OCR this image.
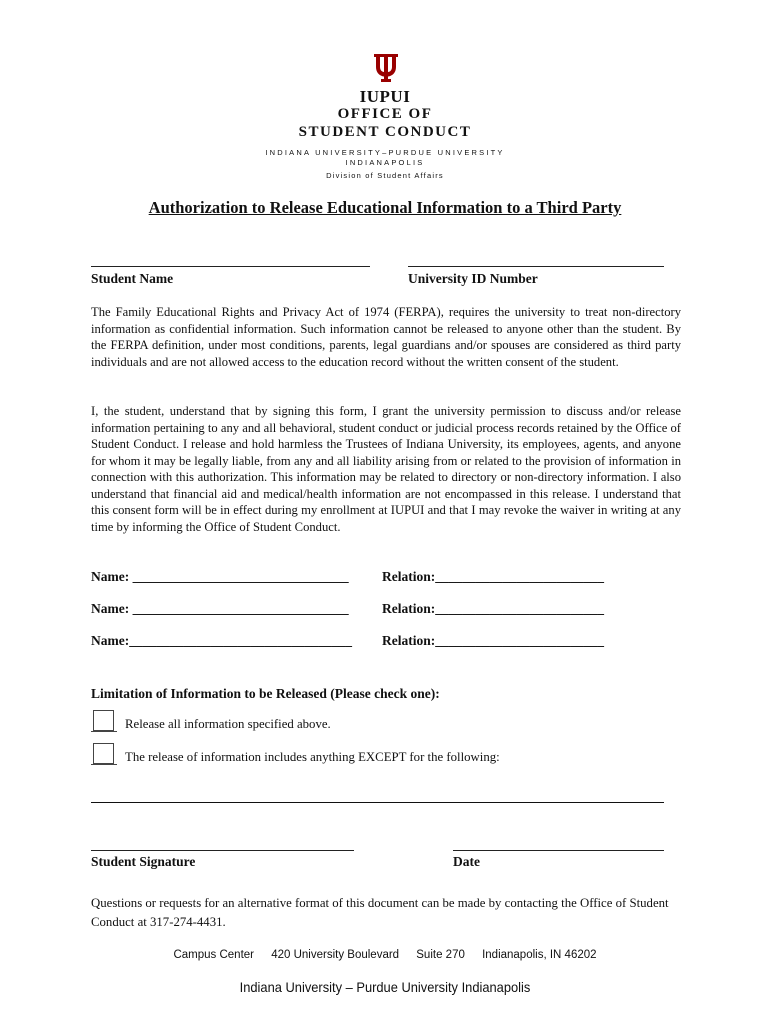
IUPUI
OFFICE OF
STUDENT CONDUCT
INDIANA UNIVERSITY–PURDUE UNIVERSITY
INDIANAPOLIS
Division of Student Affairs
Authorization to Release Educational Information to a Third Party
Student Name	University ID Number

The Family Educational Rights and Privacy Act of 1974 (FERPA), requires the university to treat non-directory information as confidential information. Such information cannot be released to anyone other than the student. By the FERPA definition, under most conditions, parents, legal guardians and/or spouses are considered as third party individuals and are not allowed access to the education record without the written consent of the student.

I, the student, understand that by signing this form, I grant the university permission to discuss and/or release information pertaining to any and all behavioral, student conduct or judicial process records retained by the Office of Student Conduct. I release and hold harmless the Trustees of Indiana University, its employees, agents, and anyone for whom it may be legally liable, from any and all liability arising from or related to the provision of information in connection with this authorization. This information may be related to directory or non-directory information. I also understand that financial aid and medical/health information are not encompassed in this release. I understand that this consent form will be in effect during my enrollment at IUPUI and that I may revoke the waiver in writing at any time by informing the Office of Student Conduct.

Name: ________________________________ Relation:_________________________
Name: ________________________________ Relation:_________________________
Name:_________________________________ Relation:_________________________
Limitation of Information to be Released (Please check one):
Release all information specified above.
The release of information includes anything EXCEPT for the following:
Student Signature	Date

Questions or requests for an alternative format of this document can be made by contacting the Office of Student Conduct at 317-274-4431.

Campus Center 420 University Boulevard Suite 270 Indianapolis, IN 46202
Indiana University – Purdue University Indianapolis
